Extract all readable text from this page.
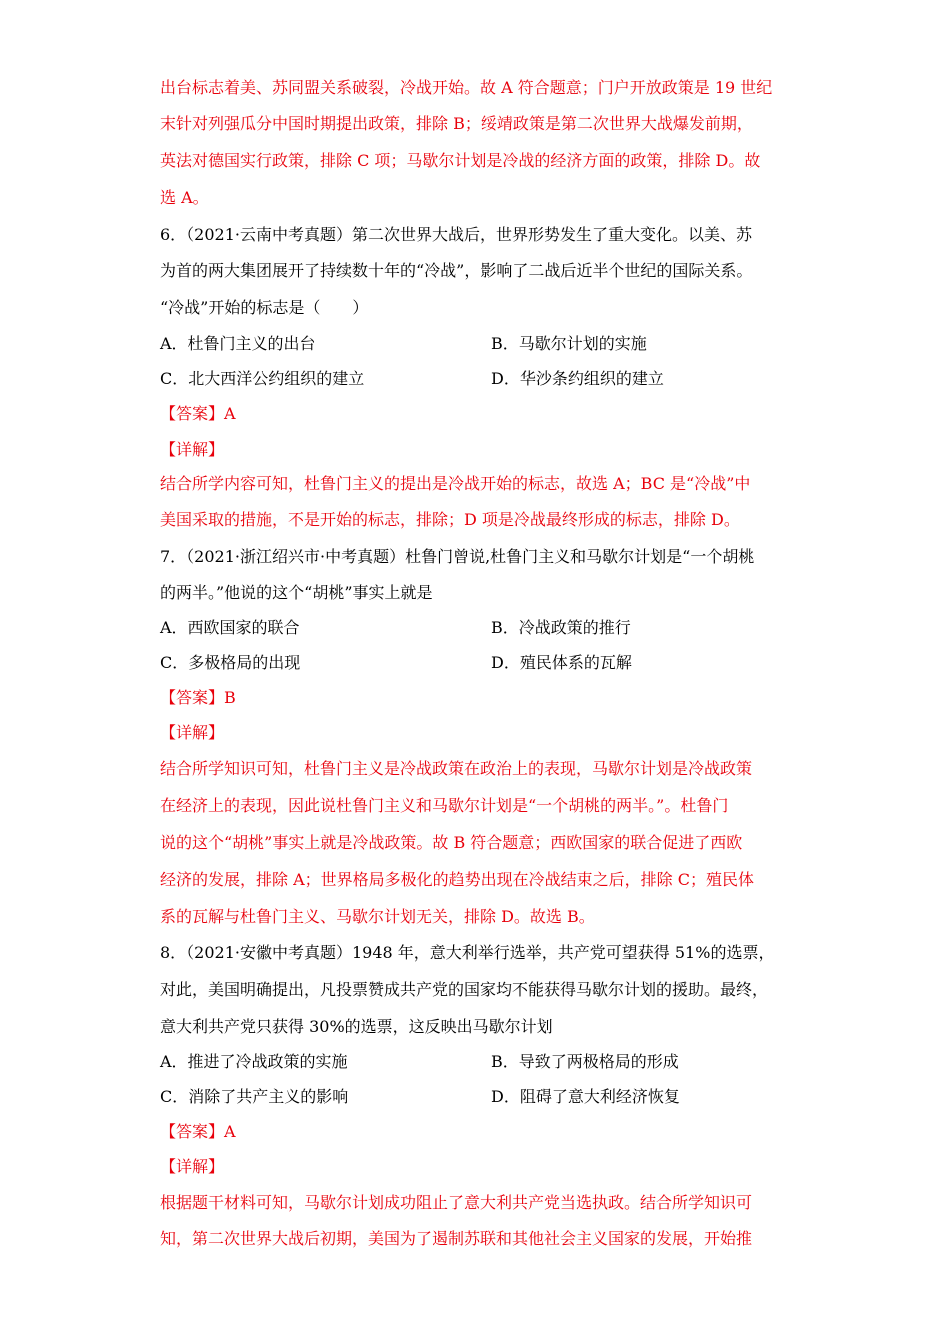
出台标志着美、苏同盟关系破裂，冷战开始。故 A 符合题意；门户开放政策是 19 世纪
末针对列强瓜分中国时期提出政策，排除 B；绥靖政策是第二次世界大战爆发前期，
英法对德国实行政策，排除 C 项；马歇尔计划是冷战的经济方面的政策，排除 D。故
选 A。
6．（2021·云南中考真题）第二次世界大战后，世界形势发生了重大变化。以美、苏
为首的两大集团展开了持续数十年的“冷战”，影响了二战后近半个世纪的国际关系。
“冷战”开始的标志是（　　）
A．杜鲁门主义的出台	B．马歇尔计划的实施
C．北大西洋公约组织的建立	D．华沙条约组织的建立
【答案】A
【详解】
结合所学内容可知，杜鲁门主义的提出是冷战开始的标志，故选 A；BC 是“冷战”中
美国采取的措施，不是开始的标志，排除；D 项是冷战最终形成的标志，排除 D。
7．（2021·浙江绍兴市·中考真题）杜鲁门曾说,杜鲁门主义和马歇尔计划是“一个胡桃
的两半。”他说的这个“胡桃”事实上就是
A．西欧国家的联合	B．冷战政策的推行
C．多极格局的出现	D．殖民体系的瓦解
【答案】B
【详解】
结合所学知识可知，杜鲁门主义是冷战政策在政治上的表现，马歇尔计划是冷战政策
在经济上的表现，因此说杜鲁门主义和马歇尔计划是“一个胡桃的两半。”。杜鲁门
说的这个“胡桃”事实上就是冷战政策。故 B 符合题意；西欧国家的联合促进了西欧
经济的发展，排除 A；世界格局多极化的趋势出现在冷战结束之后，排除 C；殖民体
系的瓦解与杜鲁门主义、马歇尔计划无关，排除 D。故选 B。
8．（2021·安徽中考真题）1948 年，意大利举行选举，共产党可望获得 51%的选票，
对此，美国明确提出，凡投票赞成共产党的国家均不能获得马歇尔计划的援助。最终，
意大利共产党只获得 30%的选票，这反映出马歇尔计划
A．推进了冷战政策的实施	B．导致了两极格局的形成
C．消除了共产主义的影响	D．阻碍了意大利经济恢复
【答案】A
【详解】
根据题干材料可知，马歇尔计划成功阻止了意大利共产党当选执政。结合所学知识可
知，第二次世界大战后初期，美国为了遏制苏联和其他社会主义国家的发展，开始推
